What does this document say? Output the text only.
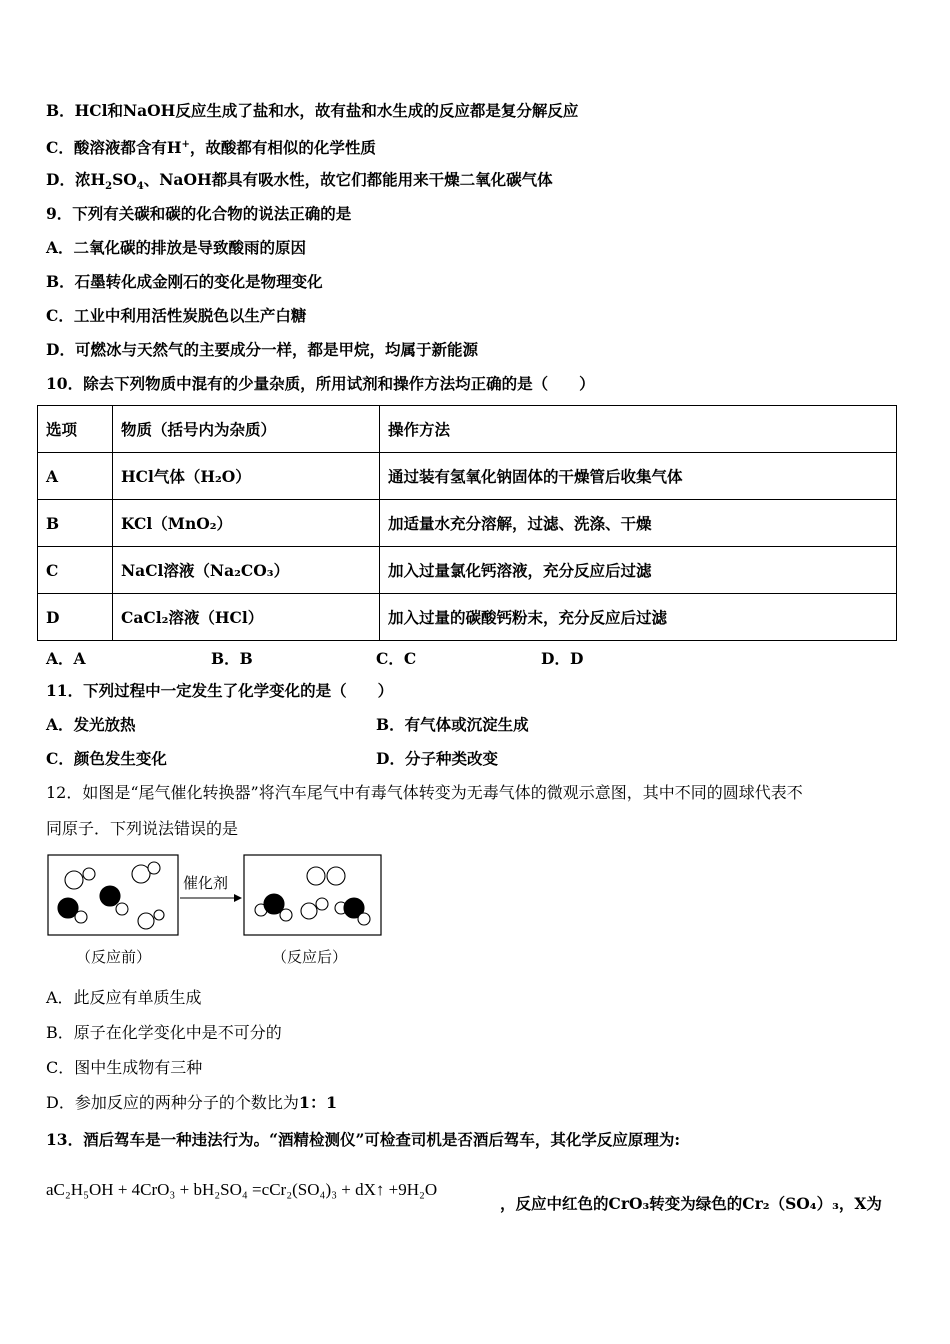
B．HCl和NaOH反应生成了盐和水，故有盐和水生成的反应都是复分解反应
C．酸溶液都含有H+，故酸都有相似的化学性质
D．浓$H_2SO_4$、NaOH都具有吸水性，故它们都能用来干燥二氧化碳气体
9．下列有关碳和碳的化合物的说法正确的是
A．二氧化碳的排放是导致酸雨的原因
B．石墨转化成金刚石的变化是物理变化
C．工业中利用活性炭脱色以生产白糖
D．可燃冰与天然气的主要成分一样，都是甲烷，均属于新能源
10．除去下列物质中混有的少量杂质，所用试剂和操作方法均正确的是（　　）
选项	物质（括号内为杂质）	操作方法
A	HCl气体（H₂O）	通过装有氢氧化钠固体的干燥管后收集气体
B	KCl（MnO₂）	加适量水充分溶解，过滤、洗涤、干燥
C	NaCl溶液（Na₂CO₃）	加入过量氯化钙溶液，充分反应后过滤
D	CaCl₂溶液（HCl）	加入过量的碳酸钙粉末，充分反应后过滤
A．A	B．B	C．C	D．D
11．下列过程中一定发生了化学变化的是（　　）
A．发光放热	B．有气体或沉淀生成
C．颜色发生变化	D．分子种类改变
12．如图是“尾气催化转换器”将汽车尾气中有毒气体转变为无毒气体的微观示意图，其中不同的圆球代表不
同原子．下列说法错误的是
催化剂
（反应前）	（反应后）
A．此反应有单质生成
B．原子在化学变化中是不可分的
C．图中生成物有三种
D．参加反应的两种分子的个数比为1：1
13．酒后驾车是一种违法行为。“酒精检测仪”可检查司机是否酒后驾车，其化学反应原理为:
aC₂H₅OH + 4CrO₃ + bH₂SO₄ =cCr₂(SO₄)₃ + dX↑ +9H₂O
，反应中红色的CrO₃转变为绿色的Cr₂（SO₄）₃，X为
